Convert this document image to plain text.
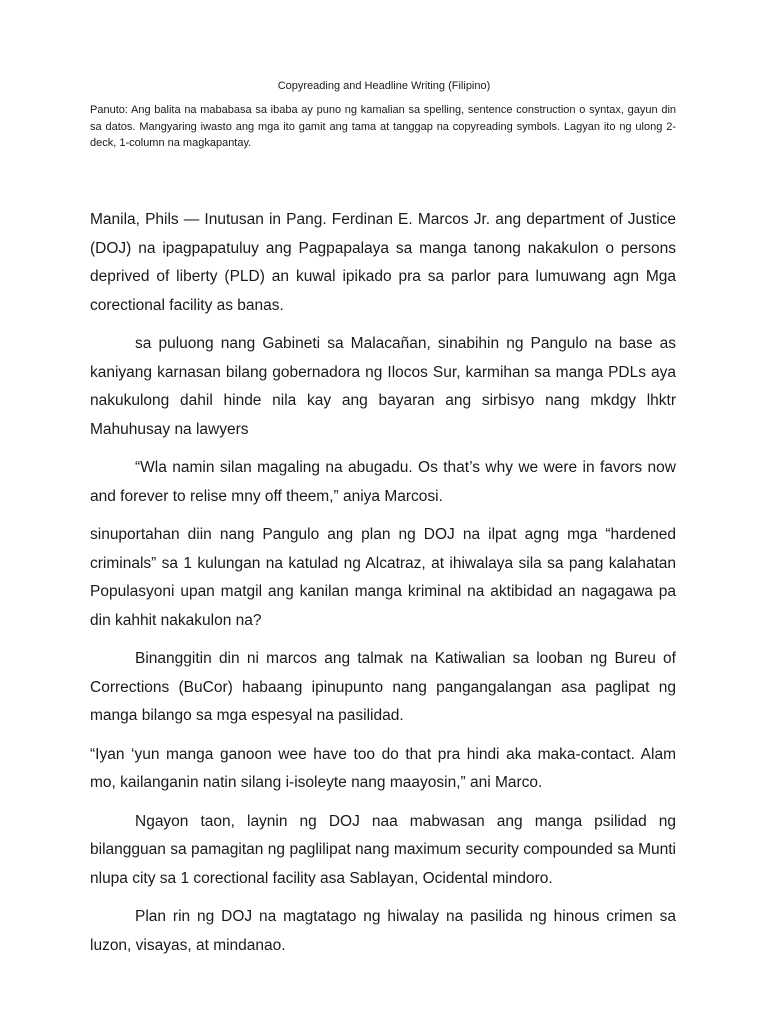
Copyreading and Headline Writing (Filipino)

Panuto: Ang balita na mababasa sa ibaba ay puno ng kamalian sa spelling, sentence construction o syntax, gayun din sa datos. Mangyaring iwasto ang mga ito gamit ang tama at tanggap na copyreading symbols. Lagyan ito ng ulong 2-deck, 1-column na magkapantay.

Manila, Phils — Inutusan in Pang. Ferdinan E. Marcos Jr. ang department of Justice (DOJ) na ipagpapatuluy ang Pagpapalaya sa manga tanong nakakulon o persons deprived of liberty (PLD) an kuwal ipikado pra sa parlor para lumuwang agn Mga corectional facility as banas.

sa puluong nang Gabineti sa Malacañan, sinabihin ng Pangulo na base as kaniyang karnasan bilang gobernadora ng Ilocos Sur, karmihan sa manga PDLs aya nakukulong dahil hinde nila kay ang bayaran ang sirbisyo nang mkdgy lhktr Mahuhusay na lawyers

“Wla namin silan magaling na abugadu. Os that’s why we were in favors now and forever to relise mny off theem,” aniya Marcosi.

sinuportahan diin nang Pangulo ang plan ng DOJ na ilpat agng mga “hardened criminals” sa 1 kulungan na katulad ng Alcatraz, at ihiwalaya sila sa pang kalahatan Populasyoni upan matgil ang kanilan manga kriminal na aktibidad an nagagawa pa din kahhit nakakulon na?

Binanggitin din ni marcos ang talmak na Katiwalian sa looban ng Bureu of Corrections (BuCor) habaang ipinupunto nang pangangalangan asa paglipat ng manga bilango sa mga espesyal na pasilidad.

“Iyan ‘yun manga ganoon wee have too do that pra hindi aka maka-contact. Alam mo, kailanganin natin silang i-isoleyte nang maayosin,” ani Marco.

Ngayon taon, laynin ng DOJ naa mabwasan ang manga psilidad ng bilangguan sa pamagitan ng paglilipat nang maximum security compounded sa Munti nlupa city sa 1 corectional facility asa Sablayan, Ocidental mindoro.

Plan rin ng DOJ na magtatago ng hiwalay na pasilida ng hinous crimen sa luzon, visayas, at mindanao.
